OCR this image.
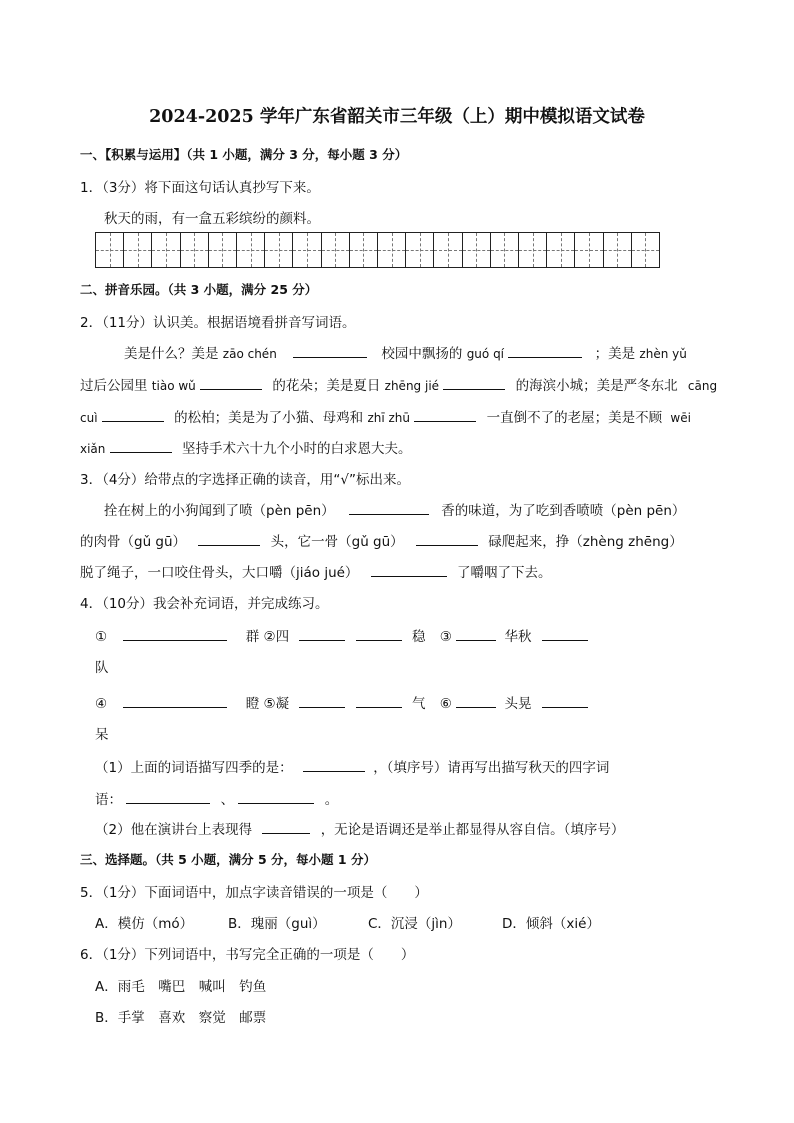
2024-2025 学年广东省韶关市三年级（上）期中模拟语文试卷
一、【积累与运用】（共 1 小题，满分 3 分，每小题 3 分）
1．（3分）将下面这句话认真抄写下来。
秋天的雨，有一盒五彩缤纷的颜料。
二、拼音乐园。（共 3 小题，满分 25 分）
2．（11分）认识美。根据语境看拼音写词语。
美是什么？美是 zāo chén	校园中飘扬的 guó qí	；美是 zhèn yǔ
过后公园里 tiào wǔ	的花朵；美是夏日 zhēng jié	的海滨小城；美是严冬东北 cāng
cuì	的松柏；美是为了小猫、母鸡和 zhī zhū	一直倒不了的老屋；美是不顾 wēi
xiǎn	坚持手术六十九个小时的白求恩大夫。
3．（4分）给带点的字选择正确的读音，用“√”标出来。
拴在树上的小狗闻到了喷（pèn pēn）	香的味道，为了吃到香喷喷（pèn pēn）
的肉骨（gǔ gū）	头，它一骨（gǔ gū）	碌爬起来，挣（zhèng zhēng）
脱了绳子，一口咬住骨头，大口嚼（jiáo jué）	了嚼咽了下去。
4．（10分）我会补充词语，并完成练习。
①	群 ②四	稳 ③	华秋
队
④	瞪 ⑤凝	气 ⑥	头晃
呆
（1）上面的词语描写四季的是：	，（填序号）请再写出描写秋天的四字词
语：	、	。
（2）他在演讲台上表现得	，无论是语调还是举止都显得从容自信。（填序号）
三、选择题。（共 5 小题，满分 5 分，每小题 1 分）
5．（1分）下面词语中，加点字读音错误的一项是（　　）
A．模仿（mó）	B．瑰丽（guì）	C．沉浸（jìn）	D．倾斜（xié）
6．（1分）下列词语中，书写完全正确的一项是（　　）
A．雨毛　嘴巴　喊叫　钓鱼
B．手掌　喜欢　察觉　邮票
